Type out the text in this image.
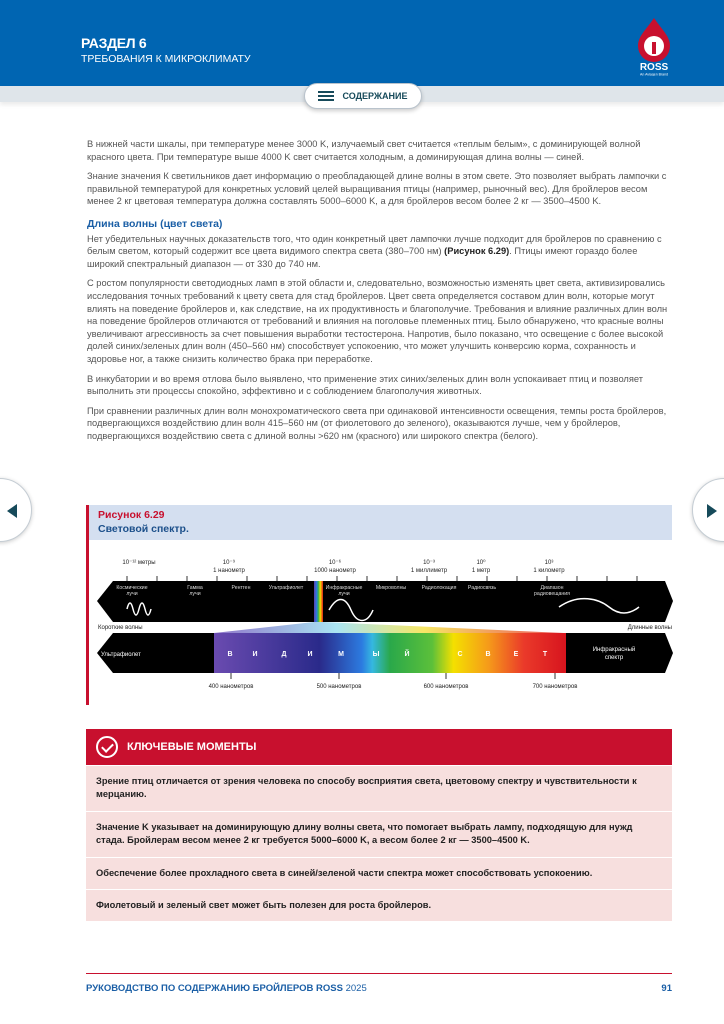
РАЗДЕЛ 6
ТРЕБОВАНИЯ К МИКРОКЛИМАТУ
ROSS
An Aviagen Brand
СОДЕРЖАНИЕ

В нижней части шкалы, при температуре менее 3000 K, излучаемый свет считается «теплым белым», с доминирующей волной красного цвета. При температуре выше 4000 K свет считается холодным, а доминирующая длина волны — синей.

Знание значения К светильников дает информацию о преобладающей длине волны в этом свете. Это позволяет выбрать лампочки с правильной температурой для конкретных условий целей выращивания птицы (например, рыночный вес). Для бройлеров весом менее 2 кг цветовая температура должна составлять 5000–6000 K, а для бройлеров весом более 2 кг — 3500–4500 K.

Длина волны (цвет света)

Нет убедительных научных доказательств того, что один конкретный цвет лампочки лучше подходит для бройлеров по сравнению с белым светом, который содержит все цвета видимого спектра света (380–700 нм) (Рисунок 6.29). Птицы имеют гораздо более широкий спектральный диапазон — от 330 до 740 нм.

С ростом популярности светодиодных ламп в этой области и, следовательно, возможностью изменять цвет света, активизировались исследования точных требований к цвету света для стад бройлеров. Цвет света определяется составом длин волн, которые могут влиять на поведение бройлеров и, как следствие, на их продуктивность и благополучие. Требования и влияние различных длин волн на поведение бройлеров отличаются от требований и влияния на поголовье племенных птиц. Было обнаружено, что красные волны увеличивают агрессивность за счет повышения выработки тестостерона. Напротив, было показано, что освещение с более высокой долей синих/зеленых длин волн (450–560 нм) способствует успокоению, что может улучшить конверсию корма, сохранность и здоровье ног, а также снизить количество брака при переработке.

В инкубатории и во время отлова было выявлено, что применение этих синих/зеленых длин волн успокаивает птиц и позволяет выполнить эти процессы спокойно, эффективно и с соблюдением благополучия животных.

При сравнении различных длин волн монохроматического света при одинаковой интенсивности освещения, темпы роста бройлеров, подвергающихся воздействию длин волн 415–560 нм (от фиолетового до зеленого), оказываются лучше, чем у бройлеров, подвергающихся воздействию света с длиной волны >620 нм (красного) или широкого спектра (белого).

Рисунок 6.29
Световой спектр.
10⁻¹² метры	10⁻⁹
1 нанометр
10⁻⁶
1000 нанометр
10⁻³
1 миллиметр
10⁰
1 метр
10³
1 километр
Космические
лучи
Гамма
лучи
Рентген	Ультрафиолет	Инфракрасные
лучи
Микроволны	Радиолокация Радиосвязь	Диапазон
радиовещания
Короткие волны	Длинные волны
Ультрафиолет
Инфракрасный
спектр
В	И	Д	И	М	Ы	Й	С	В	Е	Т
400 нанометров	500 нанометров	600 нанометров	700 нанометров
КЛЮЧЕВЫЕ МОМЕНТЫ
Зрение птиц отличается от зрения человека по способу восприятия света, цветовому спектру и чувствительности к мерцанию.
Значение K указывает на доминирующую длину волны света, что помогает выбрать лампу, подходящую для нужд стада. Бройлерам весом менее 2 кг требуется 5000–6000 K, а весом более 2 кг — 3500–4500 K.
Обеспечение более прохладного света в синей/зеленой части спектра может способствовать успокоению.
Фиолетовый и зеленый свет может быть полезен для роста бройлеров.
РУКОВОДСТВО ПО СОДЕРЖАНИЮ БРОЙЛЕРОВ ROSS 2025	91
